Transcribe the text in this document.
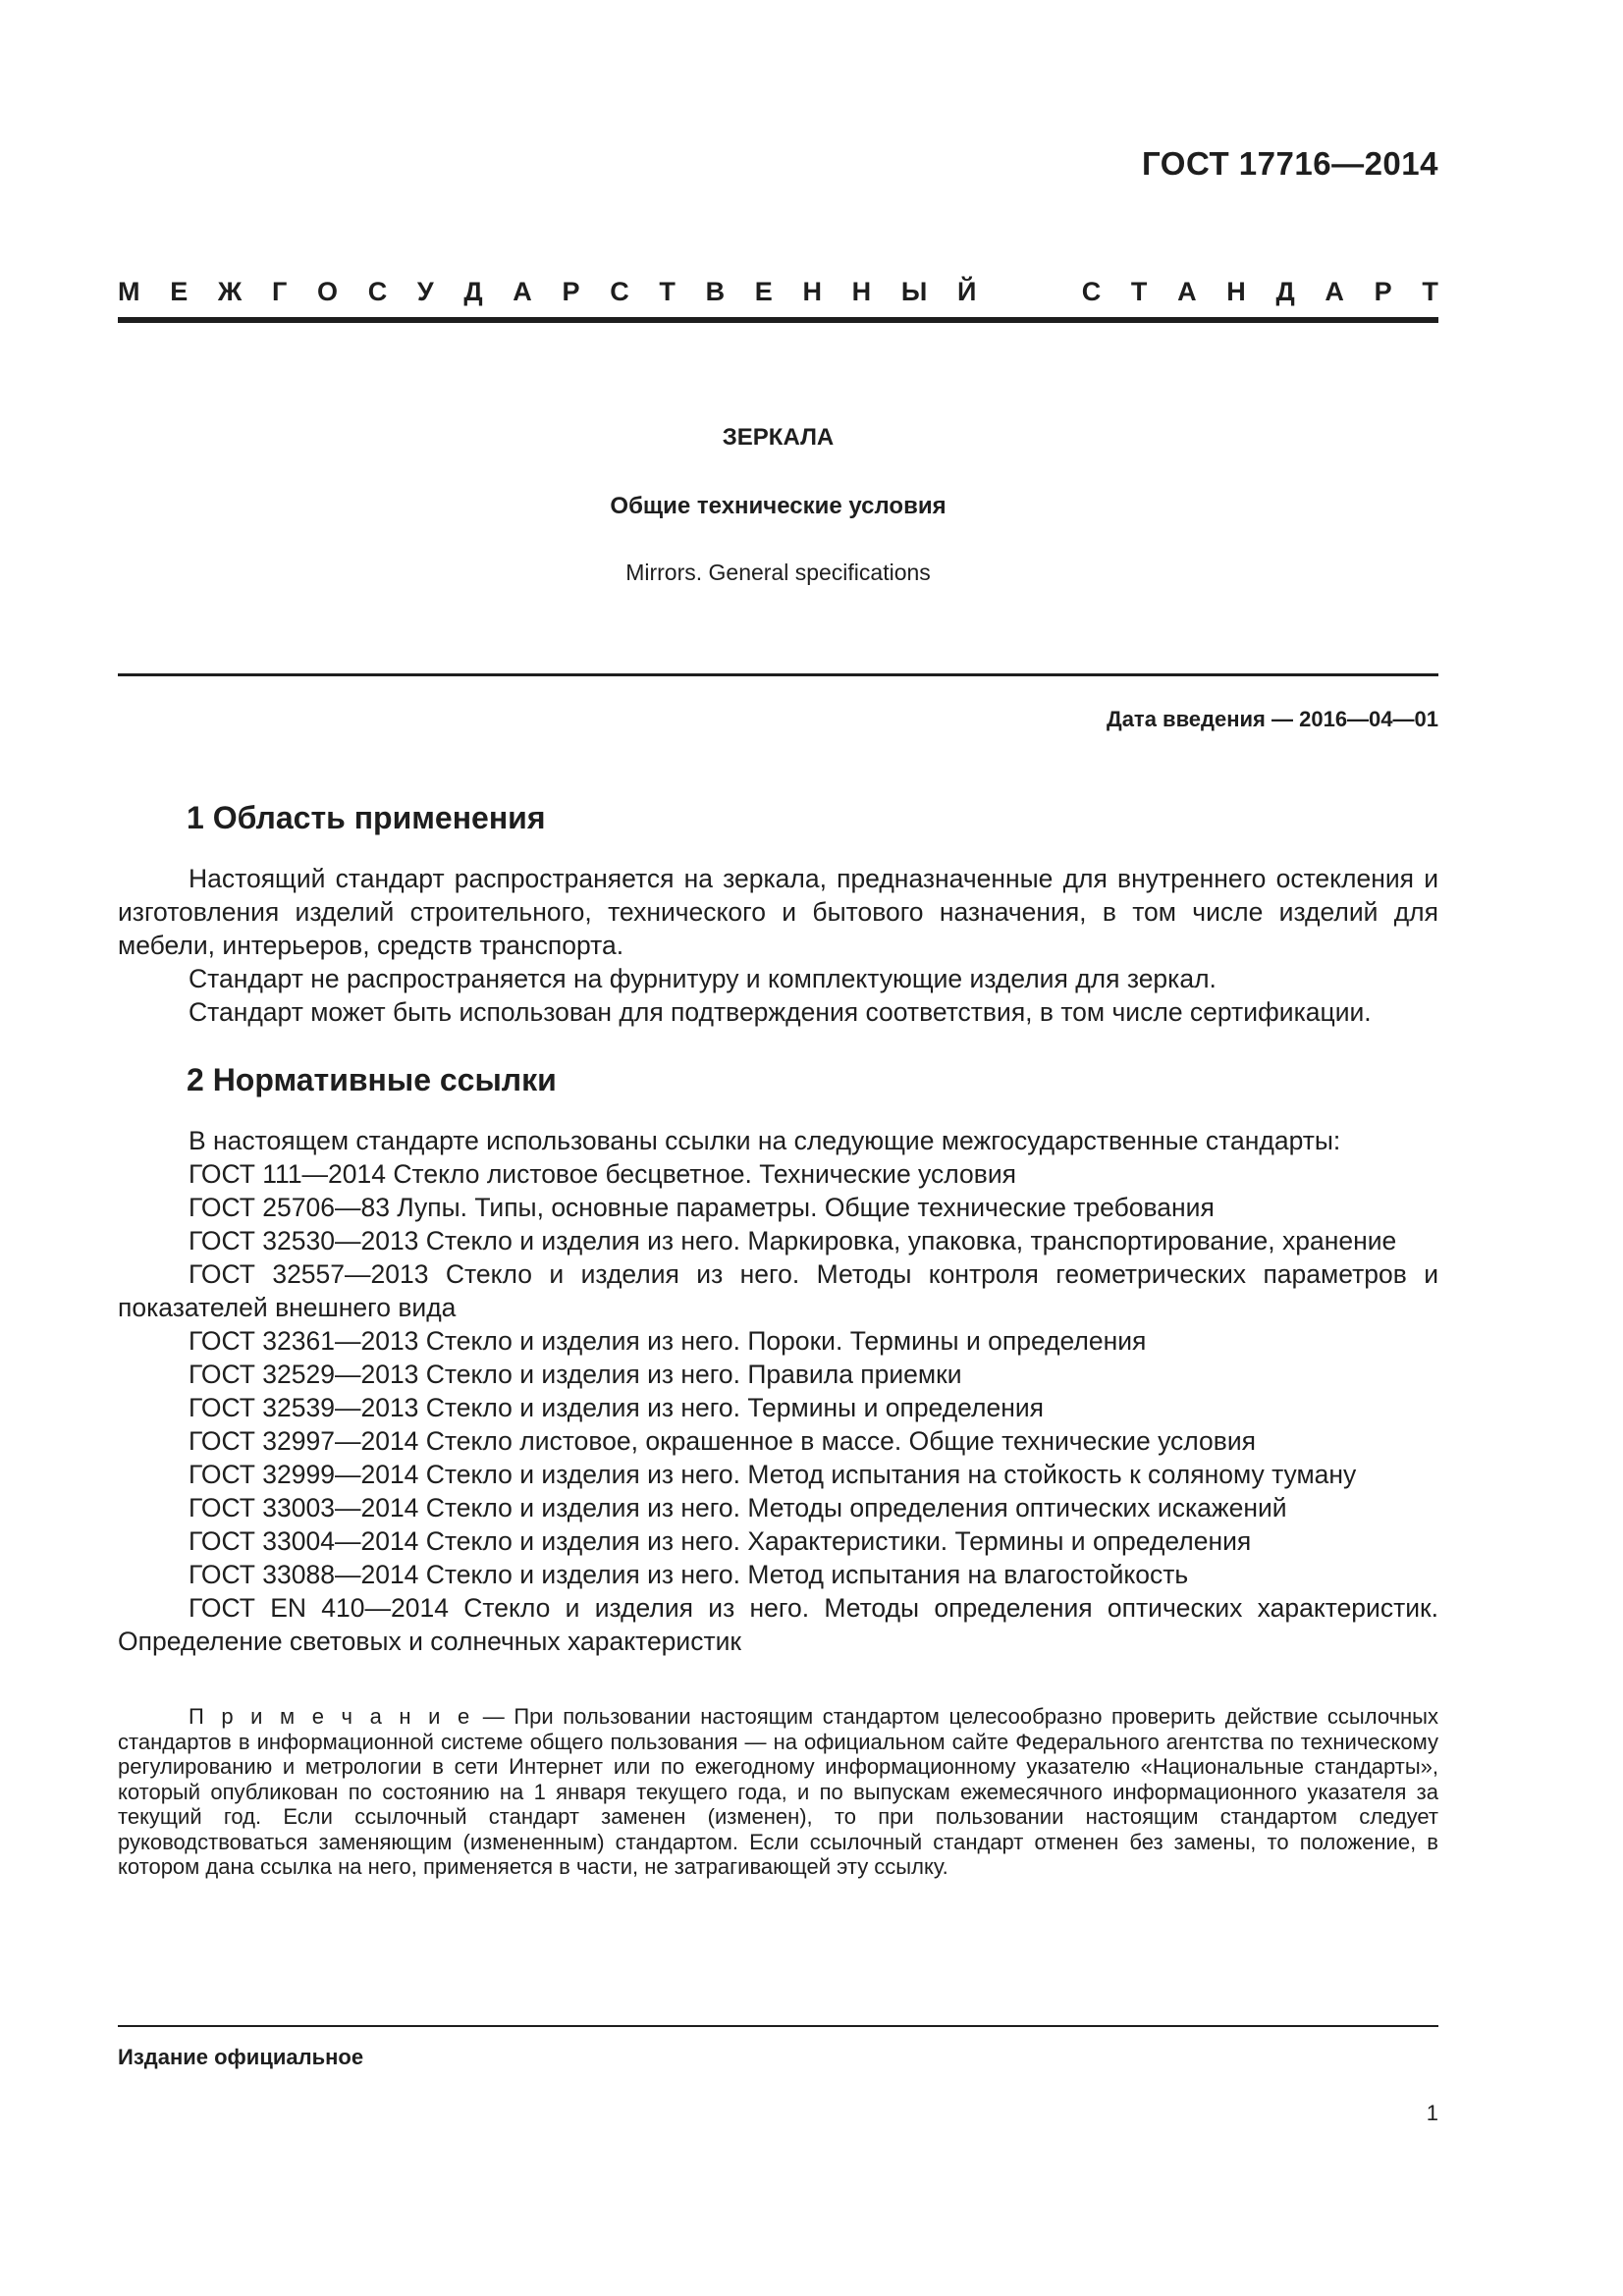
ГОСТ 17716—2014
М Е Ж Г О С У Д А Р С Т В Е Н Н Ы Й	С Т А Н Д А Р Т
ЗЕРКАЛА
Общие технические условия
Mirrors. General specifications
Дата введения — 2016—04—01
1 Область применения

Настоящий стандарт распространяется на зеркала, предназначенные для внутреннего остекления и изготовления изделий строительного, технического и бытового назначения, в том числе изделий для мебели, интерьеров, средств транспорта.

Стандарт не распространяется на фурнитуру и комплектующие изделия для зеркал.

Стандарт может быть использован для подтверждения соответствия, в том числе сертификации.

2 Нормативные ссылки

В настоящем стандарте использованы ссылки на следующие межгосударственные стандарты:

ГОСТ 111—2014 Стекло листовое бесцветное. Технические условия

ГОСТ 25706—83 Лупы. Типы, основные параметры. Общие технические требования

ГОСТ 32530—2013 Стекло и изделия из него. Маркировка, упаковка, транспортирование, хранение

ГОСТ 32557—2013 Стекло и изделия из него. Методы контроля геометрических параметров и показателей внешнего вида

ГОСТ 32361—2013 Стекло и изделия из него. Пороки. Термины и определения

ГОСТ 32529—2013 Стекло и изделия из него. Правила приемки

ГОСТ 32539—2013 Стекло и изделия из него. Термины и определения

ГОСТ 32997—2014 Стекло листовое, окрашенное в массе. Общие технические условия

ГОСТ 32999—2014 Стекло и изделия из него. Метод испытания на стойкость к соляному туману

ГОСТ 33003—2014 Стекло и изделия из него. Методы определения оптических искажений

ГОСТ 33004—2014 Стекло и изделия из него. Характеристики. Термины и определения

ГОСТ 33088—2014 Стекло и изделия из него. Метод испытания на влагостойкость

ГОСТ EN 410—2014 Стекло и изделия из него. Методы определения оптических характеристик. Определение световых и солнечных характеристик

П р и м е ч а н и е — При пользовании настоящим стандартом целесообразно проверить действие ссылочных стандартов в информационной системе общего пользования — на официальном сайте Федерального агентства по техническому регулированию и метрологии в сети Интернет или по ежегодному информационному указателю «Национальные стандарты», который опубликован по состоянию на 1 января текущего года, и по выпускам ежемесячного информационного указателя за текущий год. Если ссылочный стандарт заменен (изменен), то при пользовании настоящим стандартом следует руководствоваться заменяющим (измененным) стандартом. Если ссылочный стандарт отменен без замены, то положение, в котором дана ссылка на него, применяется в части, не затрагивающей эту ссылку.

Издание официальное
1
